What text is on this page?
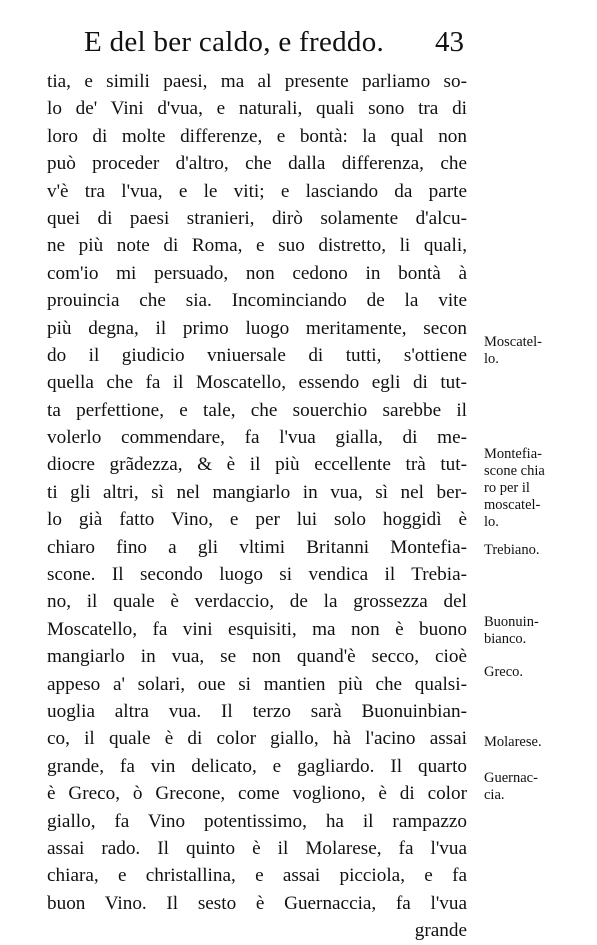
E del ber caldo, e freddo. 43
tia, e simili paesi, ma al presente parliamo so-
lo de' Vini d'vua, e naturali, quali sono tra di
loro di molte differenze, e bontà: la qual non
può proceder d'altro, che dalla differenza, che
v'è tra l'vua, e le viti; e lasciando da parte
quei di paesi stranieri, dirò solamente d'alcu-
ne più note di Roma, e suo distretto, li quali,
com'io mi persuado, non cedono in bontà à
prouincia che sia. Incominciando de la vite
più degna, il primo luogo meritamente, secon
do il giudicio vniuersale di tutti, s'ottiene
quella che fa il Moscatello, essendo egli di tut-
ta perfettione, e tale, che souerchio sarebbe il
volerlo commendare, fa l'vua gialla, di me-
diocre grãdezza, & è il più eccellente trà tut-
ti gli altri, sì nel mangiarlo in vua, sì nel ber-
lo già fatto Vino, e per lui solo hoggidì è
chiaro fino a gli vltimi Britanni Montefia-
scone. Il secondo luogo si vendica il Trebia-
no, il quale è verdaccio, de la grossezza del
Moscatello, fa vini esquisiti, ma non è buono
mangiarlo in vua, se non quand'è secco, cioè
appeso a' solari, oue si mantien più che qualsi-
uoglia altra vua. Il terzo sarà Buonuinbian-
co, il quale è di color giallo, hà l'acino assai
grande, fa vin delicato, e gagliardo. Il quarto
è Greco, ò Grecone, come vogliono, è di color
giallo, fa Vino potentissimo, ha il rampazzo
assai rado. Il quinto è il Molarese, fa l'vua
chiara, e christallina, e assai picciola, e fa
buon Vino. Il sesto è Guernaccia, fa l'vua
grande
Moscatel-
lo.
Montefia-
scone chia
ro per il
moscatel-
lo.
Trebiano.
Buonuin-
bianco.
Greco.
Molarese.
Guernac-
cia.
